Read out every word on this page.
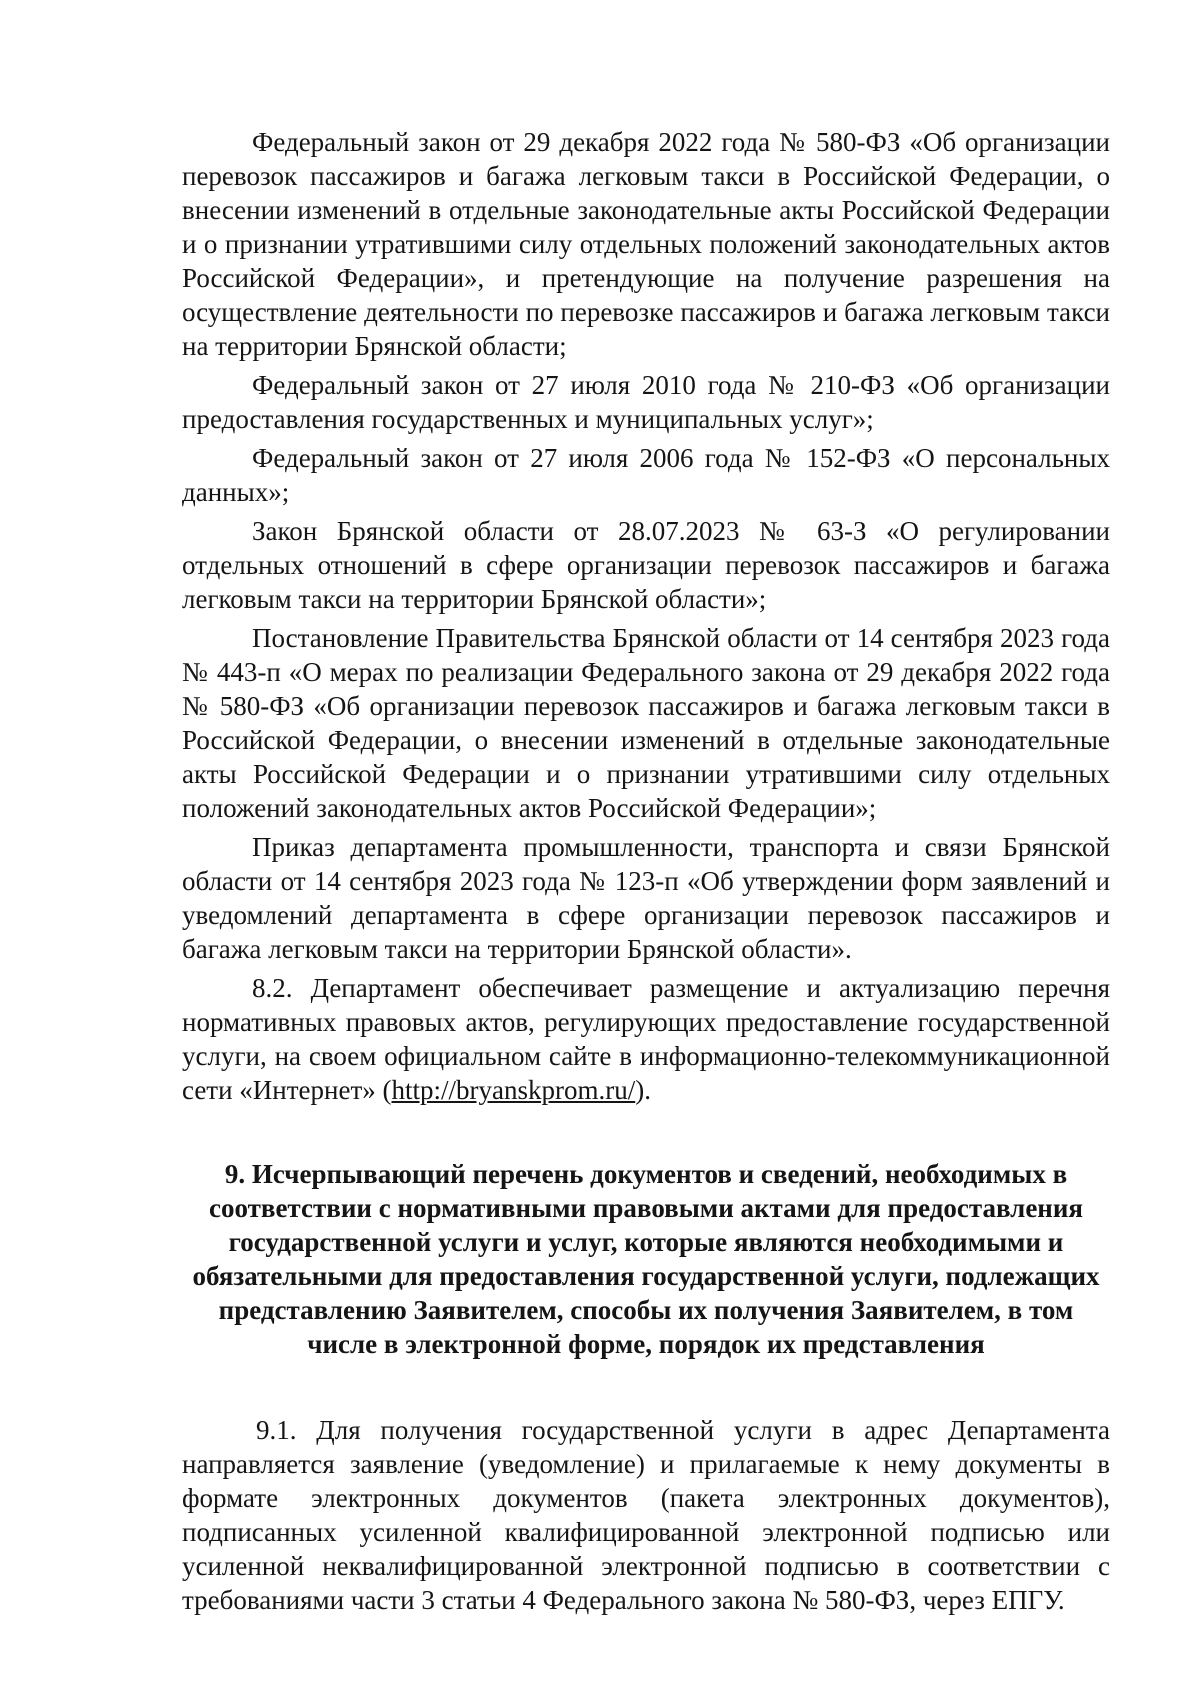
Федеральный закон от 29 декабря 2022 года № 580-ФЗ «Об организации перевозок пассажиров и багажа легковым такси в Российской Федерации, о внесении изменений в отдельные законодательные акты Российской Федерации и о признании утратившими силу отдельных положений законодательных актов Российской Федерации», и претендующие на получение разрешения на осуществление деятельности по перевозке пассажиров и багажа легковым такси на территории Брянской области;

Федеральный закон от 27 июля 2010 года № 210-ФЗ «Об организации предоставления государственных и муниципальных услуг»;

Федеральный закон от 27 июля 2006 года № 152-ФЗ «О персональных данных»;

Закон Брянской области от 28.07.2023 № 63-З «О регулировании отдельных отношений в сфере организации перевозок пассажиров и багажа легковым такси на территории Брянской области»;

Постановление Правительства Брянской области от 14 сентября 2023 года № 443-п «О мерах по реализации Федерального закона от 29 декабря 2022 года № 580-ФЗ «Об организации перевозок пассажиров и багажа легковым такси в Российской Федерации, о внесении изменений в отдельные законодательные акты Российской Федерации и о признании утратившими силу отдельных положений законодательных актов Российской Федерации»;

Приказ департамента промышленности, транспорта и связи Брянской области от 14 сентября 2023 года № 123-п «Об утверждении форм заявлений и уведомлений департамента в сфере организации перевозок пассажиров и багажа легковым такси на территории Брянской области».

8.2. Департамент обеспечивает размещение и актуализацию перечня нормативных правовых актов, регулирующих предоставление государственной услуги, на своем официальном сайте в информационно-телекоммуникационной сети «Интернет» (http://bryanskprom.ru/).

9. Исчерпывающий перечень документов и сведений, необходимых в соответствии с нормативными правовыми актами для предоставления государственной услуги и услуг, которые являются необходимыми и обязательными для предоставления государственной услуги, подлежащих представлению Заявителем, способы их получения Заявителем, в том числе в электронной форме, порядок их представления

9.1. Для получения государственной услуги в адрес Департамента направляется заявление (уведомление) и прилагаемые к нему документы в формате электронных документов (пакета электронных документов), подписанных усиленной квалифицированной электронной подписью или усиленной неквалифицированной электронной подписью в соответствии с требованиями части 3 статьи 4 Федерального закона № 580-ФЗ, через ЕПГУ.
